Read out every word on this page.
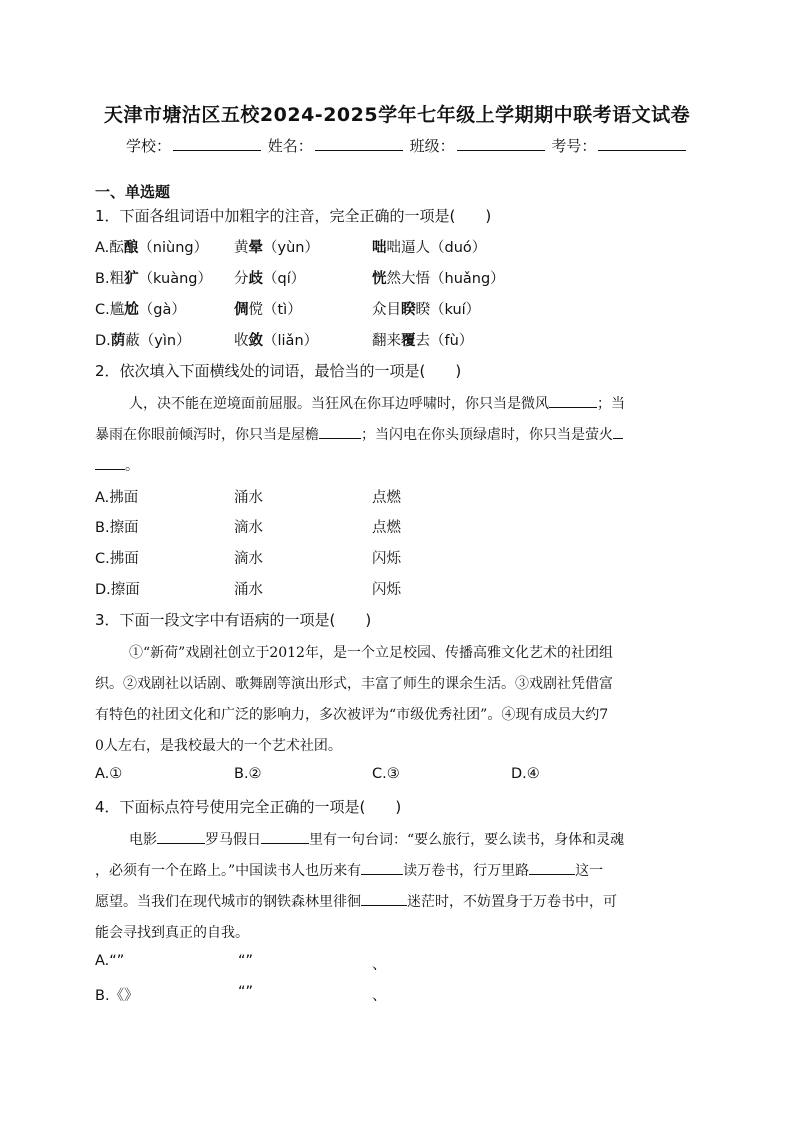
天津市塘沽区五校2024-2025学年七年级上学期期中联考语文试卷
学校：	姓名：	班级：	考号：
一、单选题
1．下面各组词语中加粗字的注音，完全正确的一项是(　　)
A.酝酿（niùng） 黄晕（yùn）	咄咄逼人（duó）
B.粗犷（kuàng） 分歧（qí）	恍然大悟（huǎng）
C.尴尬（gà）	倜傥（tì）	众目睽睽（kuí）
D.荫蔽（yìn）	收敛（liǎn）	翻来覆去（fù）
2．依次填入下面横线处的词语，最恰当的一项是(　　)
人，决不能在逆境面前屈服。当狂风在你耳边呼啸时，你只当是微风	；当
暴雨在你眼前倾泻时，你只当是屋檐	；当闪电在你头顶绿虐时，你只当是萤火
。
A.拂面	涌水	点燃
B.擦面	滴水	点燃
C.拂面	滴水	闪烁
D.擦面	涌水	闪烁
3．下面一段文字中有语病的一项是(　　)
①“新荷”戏剧社创立于2012年，是一个立足校园、传播高雅文化艺术的社团组
织。②戏剧社以话剧、歌舞剧等演出形式，丰富了师生的课余生活。③戏剧社凭借富
有特色的社团文化和广泛的影响力，多次被评为“市级优秀社团”。④现有成员大约7
0人左右，是我校最大的一个艺术社团。
A.①	B.②	C.③	D.④
4．下面标点符号使用完全正确的一项是(　　)
电影	罗马假日	里有一句台词：“要么旅行，要么读书，身体和灵魂
，必须有一个在路上。”中国读书人也历来有	读万卷书，行万里路	这一
愿望。当我们在现代城市的钢铁森林里徘徊	迷茫时，不妨置身于万卷书中，可
能会寻找到真正的自我。
A.“”	“”	、
B.《》	“”	、
